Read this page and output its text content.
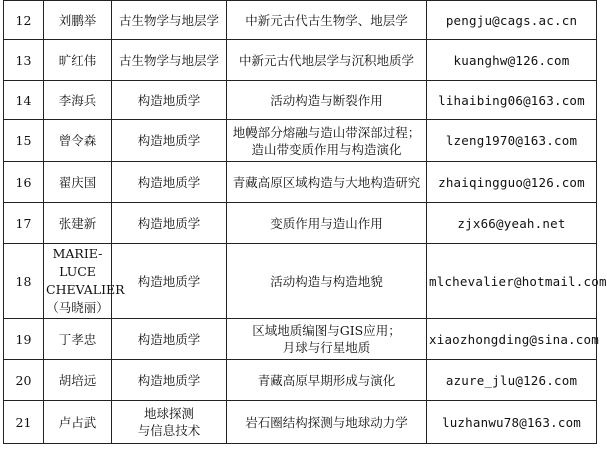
12	刘鹏举	古生物学与地层学	中新元古代古生物学、地层学	pengju@cags.ac.cn
13	旷红伟	古生物学与地层学	中新元古代地层学与沉积地质学	kuanghw@126.com
14	李海兵	构造地质学	活动构造与断裂作用	lihaibing06@163.com
15	曾令森	构造地质学	地幔部分熔融与造山带深部过程；
造山带变质作用与构造演化	lzeng1970@163.com
16	翟庆国	构造地质学	青藏高原区域构造与大地构造研究	zhaiqingguo@126.com
17	张建新	构造地质学	变质作用与造山作用	zjx66@yeah.net
18	MARIE-
LUCE
CHEVALIER
（马晓丽）	构造地质学	活动构造与构造地貌	mlchevalier@hotmail.com
19	丁孝忠	构造地质学	区域地质编图与GIS应用；
月球与行星地质	xiaozhongding@sina.com
20	胡培远	构造地质学	青藏高原早期形成与演化	azure_jlu@126.com
21	卢占武	地球探测
与信息技术	岩石圈结构探测与地球动力学	luzhanwu78@163.com
